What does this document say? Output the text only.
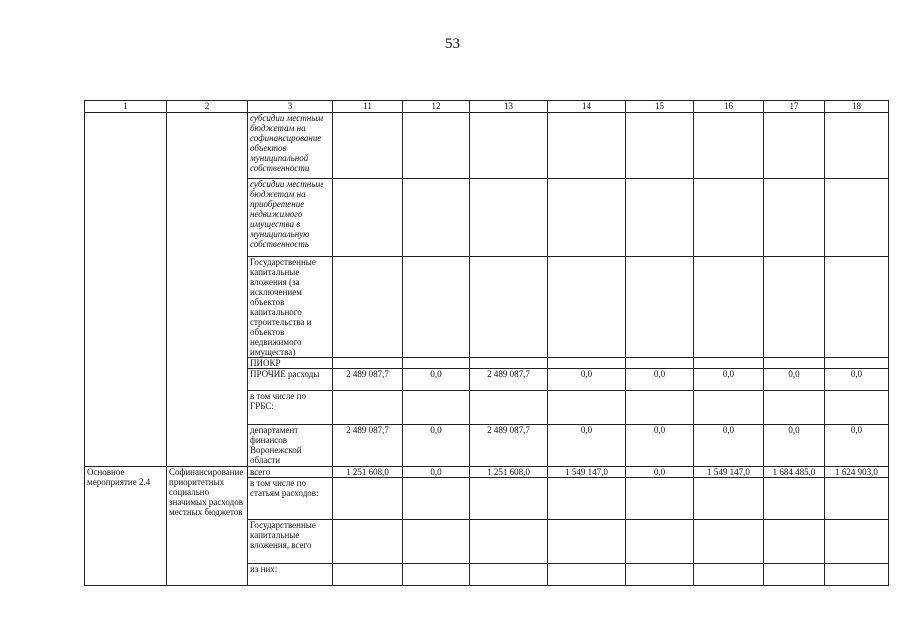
53
1	2	3	11	12	13	14	15	16	17	18
		субсидии местным бюджетам на софинансирование объектов муниципальной собственности								
		субсидии местным бюджетам на приобретение недвижимого имущества в муниципальную собственность								
		Государственные капитальные вложения (за исключением объектов капитального строительства и объектов недвижимого имущества)								
		ПИОКР								
		ПРОЧИЕ расходы	2 489 087,7	0,0	2 489 087,7	0,0	0,0	0,0	0,0	0,0
		в том числе по ГРБС:								
		департамент финансов Воронежской области	2 489 087,7	0,0	2 489 087,7	0,0	0,0	0,0	0,0	0,0
Основное мероприятие 2.4	Софинансирование приоритетных социально значимых расходов местных бюджетов	всего	1 251 608,0	0,0	1 251 608,0	1 549 147,0	0,0	1 549 147,0	1 684 485,0	1 624 903,0
		в том числе по статьям расходов:								
		Государственные капитальные вложения, всего								
		из них:								
